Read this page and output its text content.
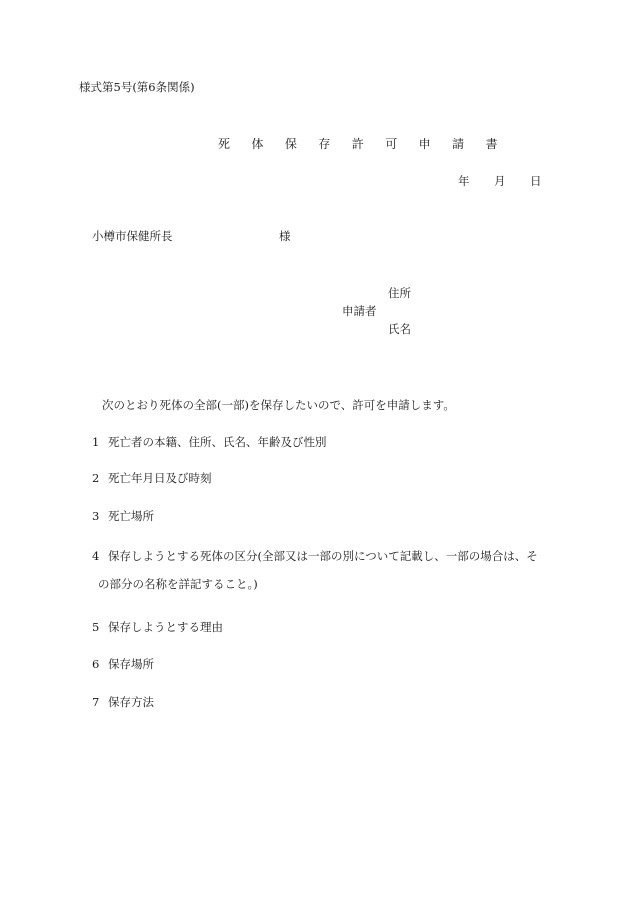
様式第5号(第6条関係)
死 体 保 存 許 可 申 請 書
年 月 日
小樽市保健所長	様
住所
申請者
氏名
次のとおり死体の全部(一部)を保存したいので、許可を申請します。
1 死亡者の本籍、住所、氏名、年齢及び性別
2 死亡年月日及び時刻
3 死亡場所
4 保存しようとする死体の区分(全部又は一部の別について記載し、一部の場合は、そ
の部分の名称を詳記すること。)
5 保存しようとする理由
6 保存場所
7 保存方法
